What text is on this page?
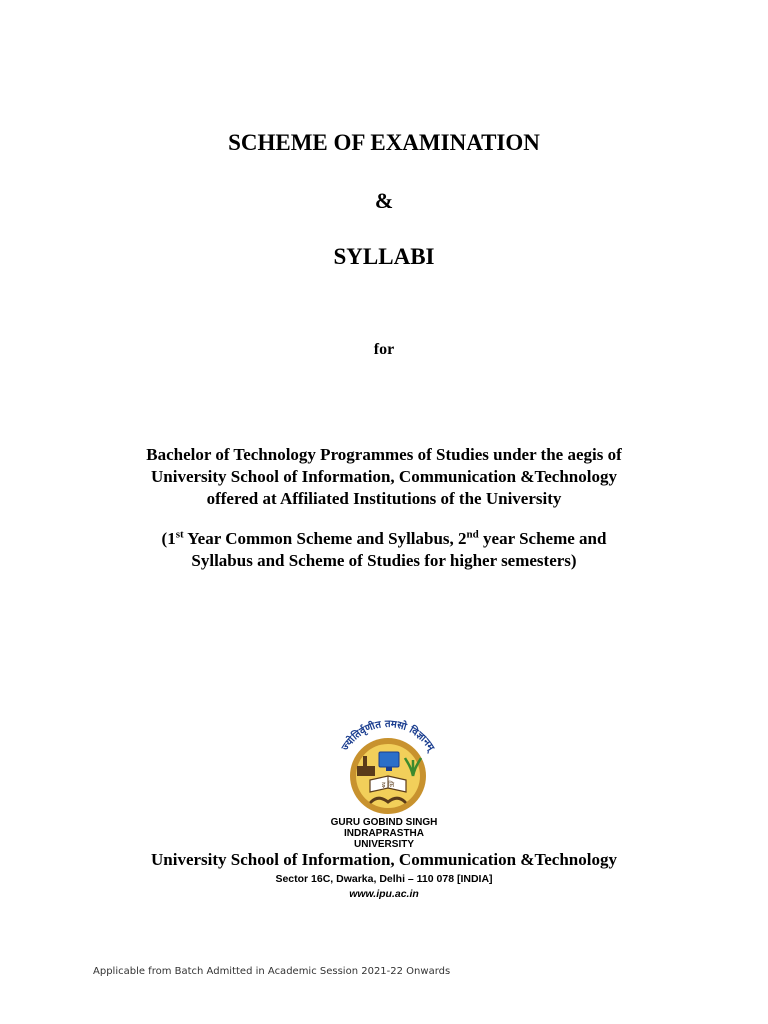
SCHEME OF EXAMINATION
&
SYLLABI
for
Bachelor of Technology Programmes of Studies under the aegis of
University School of Information, Communication &Technology
offered at Affiliated Institutions of the University
(1st Year Common Scheme and Syllabus, 2nd year Scheme and
Syllabus and Scheme of Studies for higher semesters)
ज्योतिर्वृणीत तमसो विज्ञानम्
इ लि
GURU GOBIND SINGH
INDRAPRASTHA
UNIVERSITY
University School of Information, Communication &Technology
Sector 16C, Dwarka, Delhi – 110 078 [INDIA]
www.ipu.ac.in
Applicable from Batch Admitted in Academic Session 2021-22 Onwards
